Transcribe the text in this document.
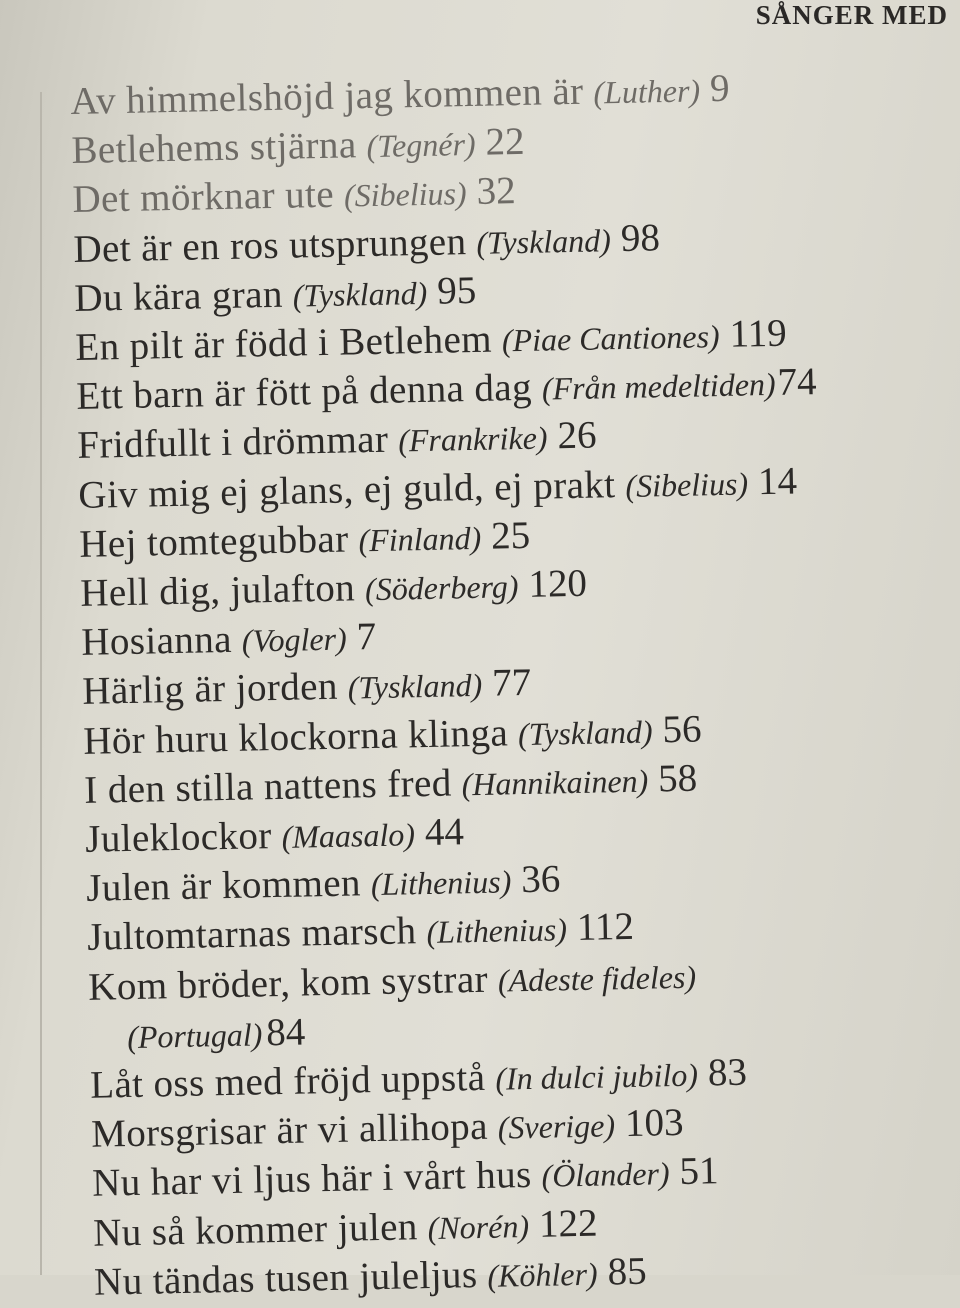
SÅNGER MED
Av himmelshöjd jag kommen är (Luther) 9
Betlehems stjärna (Tegnér) 22
Det mörknar ute (Sibelius) 32
Det är en ros utsprungen (Tyskland) 98
Du kära gran (Tyskland) 95
En pilt är född i Betlehem (Piae Cantiones) 119
Ett barn är fött på denna dag (Från medeltiden)74
Fridfullt i drömmar (Frankrike) 26
Giv mig ej glans, ej guld, ej prakt (Sibelius) 14
Hej tomtegubbar (Finland) 25
Hell dig, julafton (Söderberg) 120
Hosianna (Vogler) 7
Härlig är jorden (Tyskland) 77
Hör huru klockorna klinga (Tyskland) 56
I den stilla nattens fred (Hannikainen) 58
Juleklockor (Maasalo) 44
Julen är kommen (Lithenius) 36
Jultomtarnas marsch (Lithenius) 112
Kom bröder, kom systrar (Adeste fideles)
(Portugal)84
Låt oss med fröjd uppstå (In dulci jubilo) 83
Morsgrisar är vi allihopa (Sverige) 103
Nu har vi ljus här i vårt hus (Ölander) 51
Nu så kommer julen (Norén) 122
Nu tändas tusen juleljus (Köhler) 85
